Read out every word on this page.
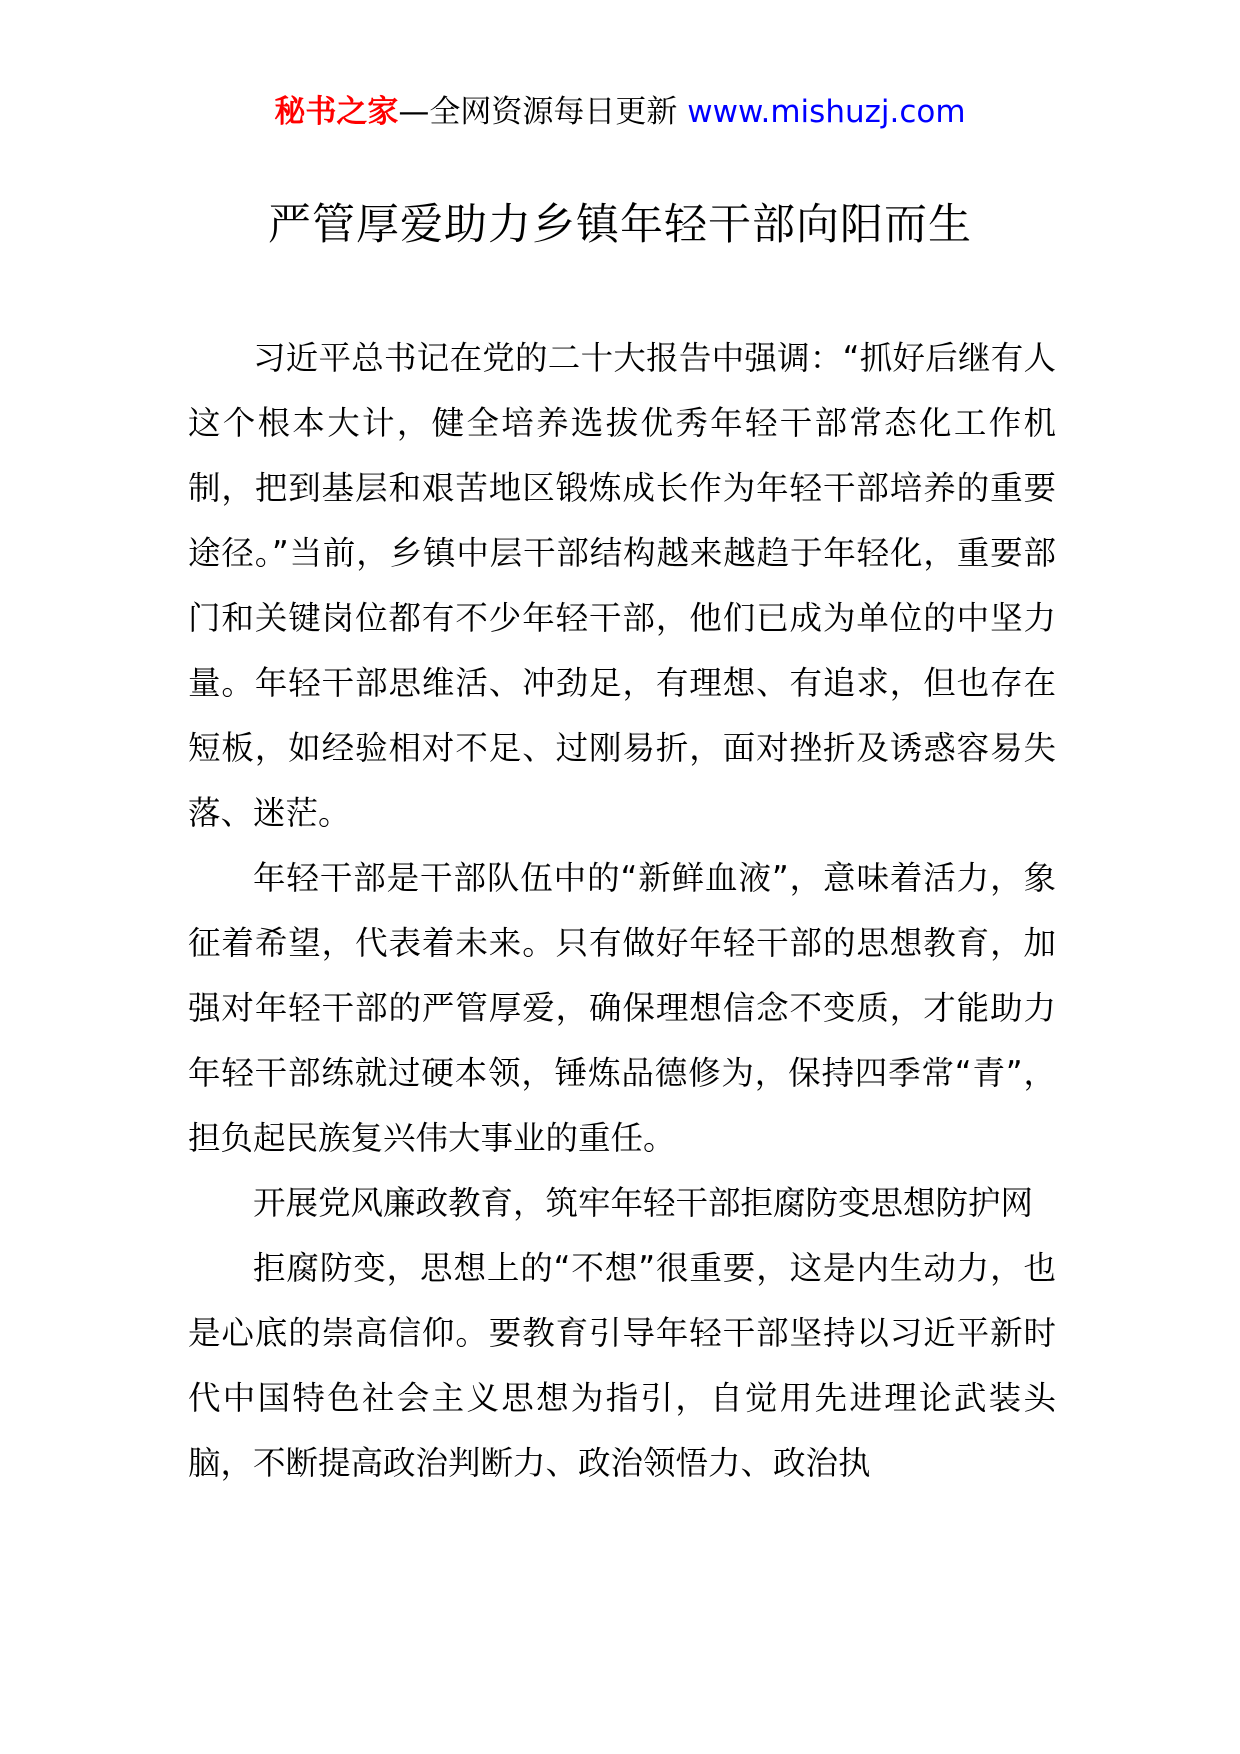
秘书之家—全网资源每日更新 www.mishuzj.com
严管厚爱助力乡镇年轻干部向阳而生

习近平总书记在党的二十大报告中强调：“抓好后继有人这个根本大计，健全培养选拔优秀年轻干部常态化工作机制，把到基层和艰苦地区锻炼成长作为年轻干部培养的重要途径。”当前，乡镇中层干部结构越来越趋于年轻化，重要部门和关键岗位都有不少年轻干部，他们已成为单位的中坚力量。年轻干部思维活、冲劲足，有理想、有追求，但也存在短板，如经验相对不足、过刚易折，面对挫折及诱惑容易失落、迷茫。

年轻干部是干部队伍中的“新鲜血液”，意味着活力，象征着希望，代表着未来。只有做好年轻干部的思想教育，加强对年轻干部的严管厚爱，确保理想信念不变质，才能助力年轻干部练就过硬本领，锤炼品德修为，保持四季常“青”，担负起民族复兴伟大事业的重任。

开展党风廉政教育，筑牢年轻干部拒腐防变思想防护网

拒腐防变，思想上的“不想”很重要，这是内生动力，也是心底的崇高信仰。要教育引导年轻干部坚持以习近平新时代中国特色社会主义思想为指引，自觉用先进理论武装头脑，不断提高政治判断力、政治领悟力、政治执
